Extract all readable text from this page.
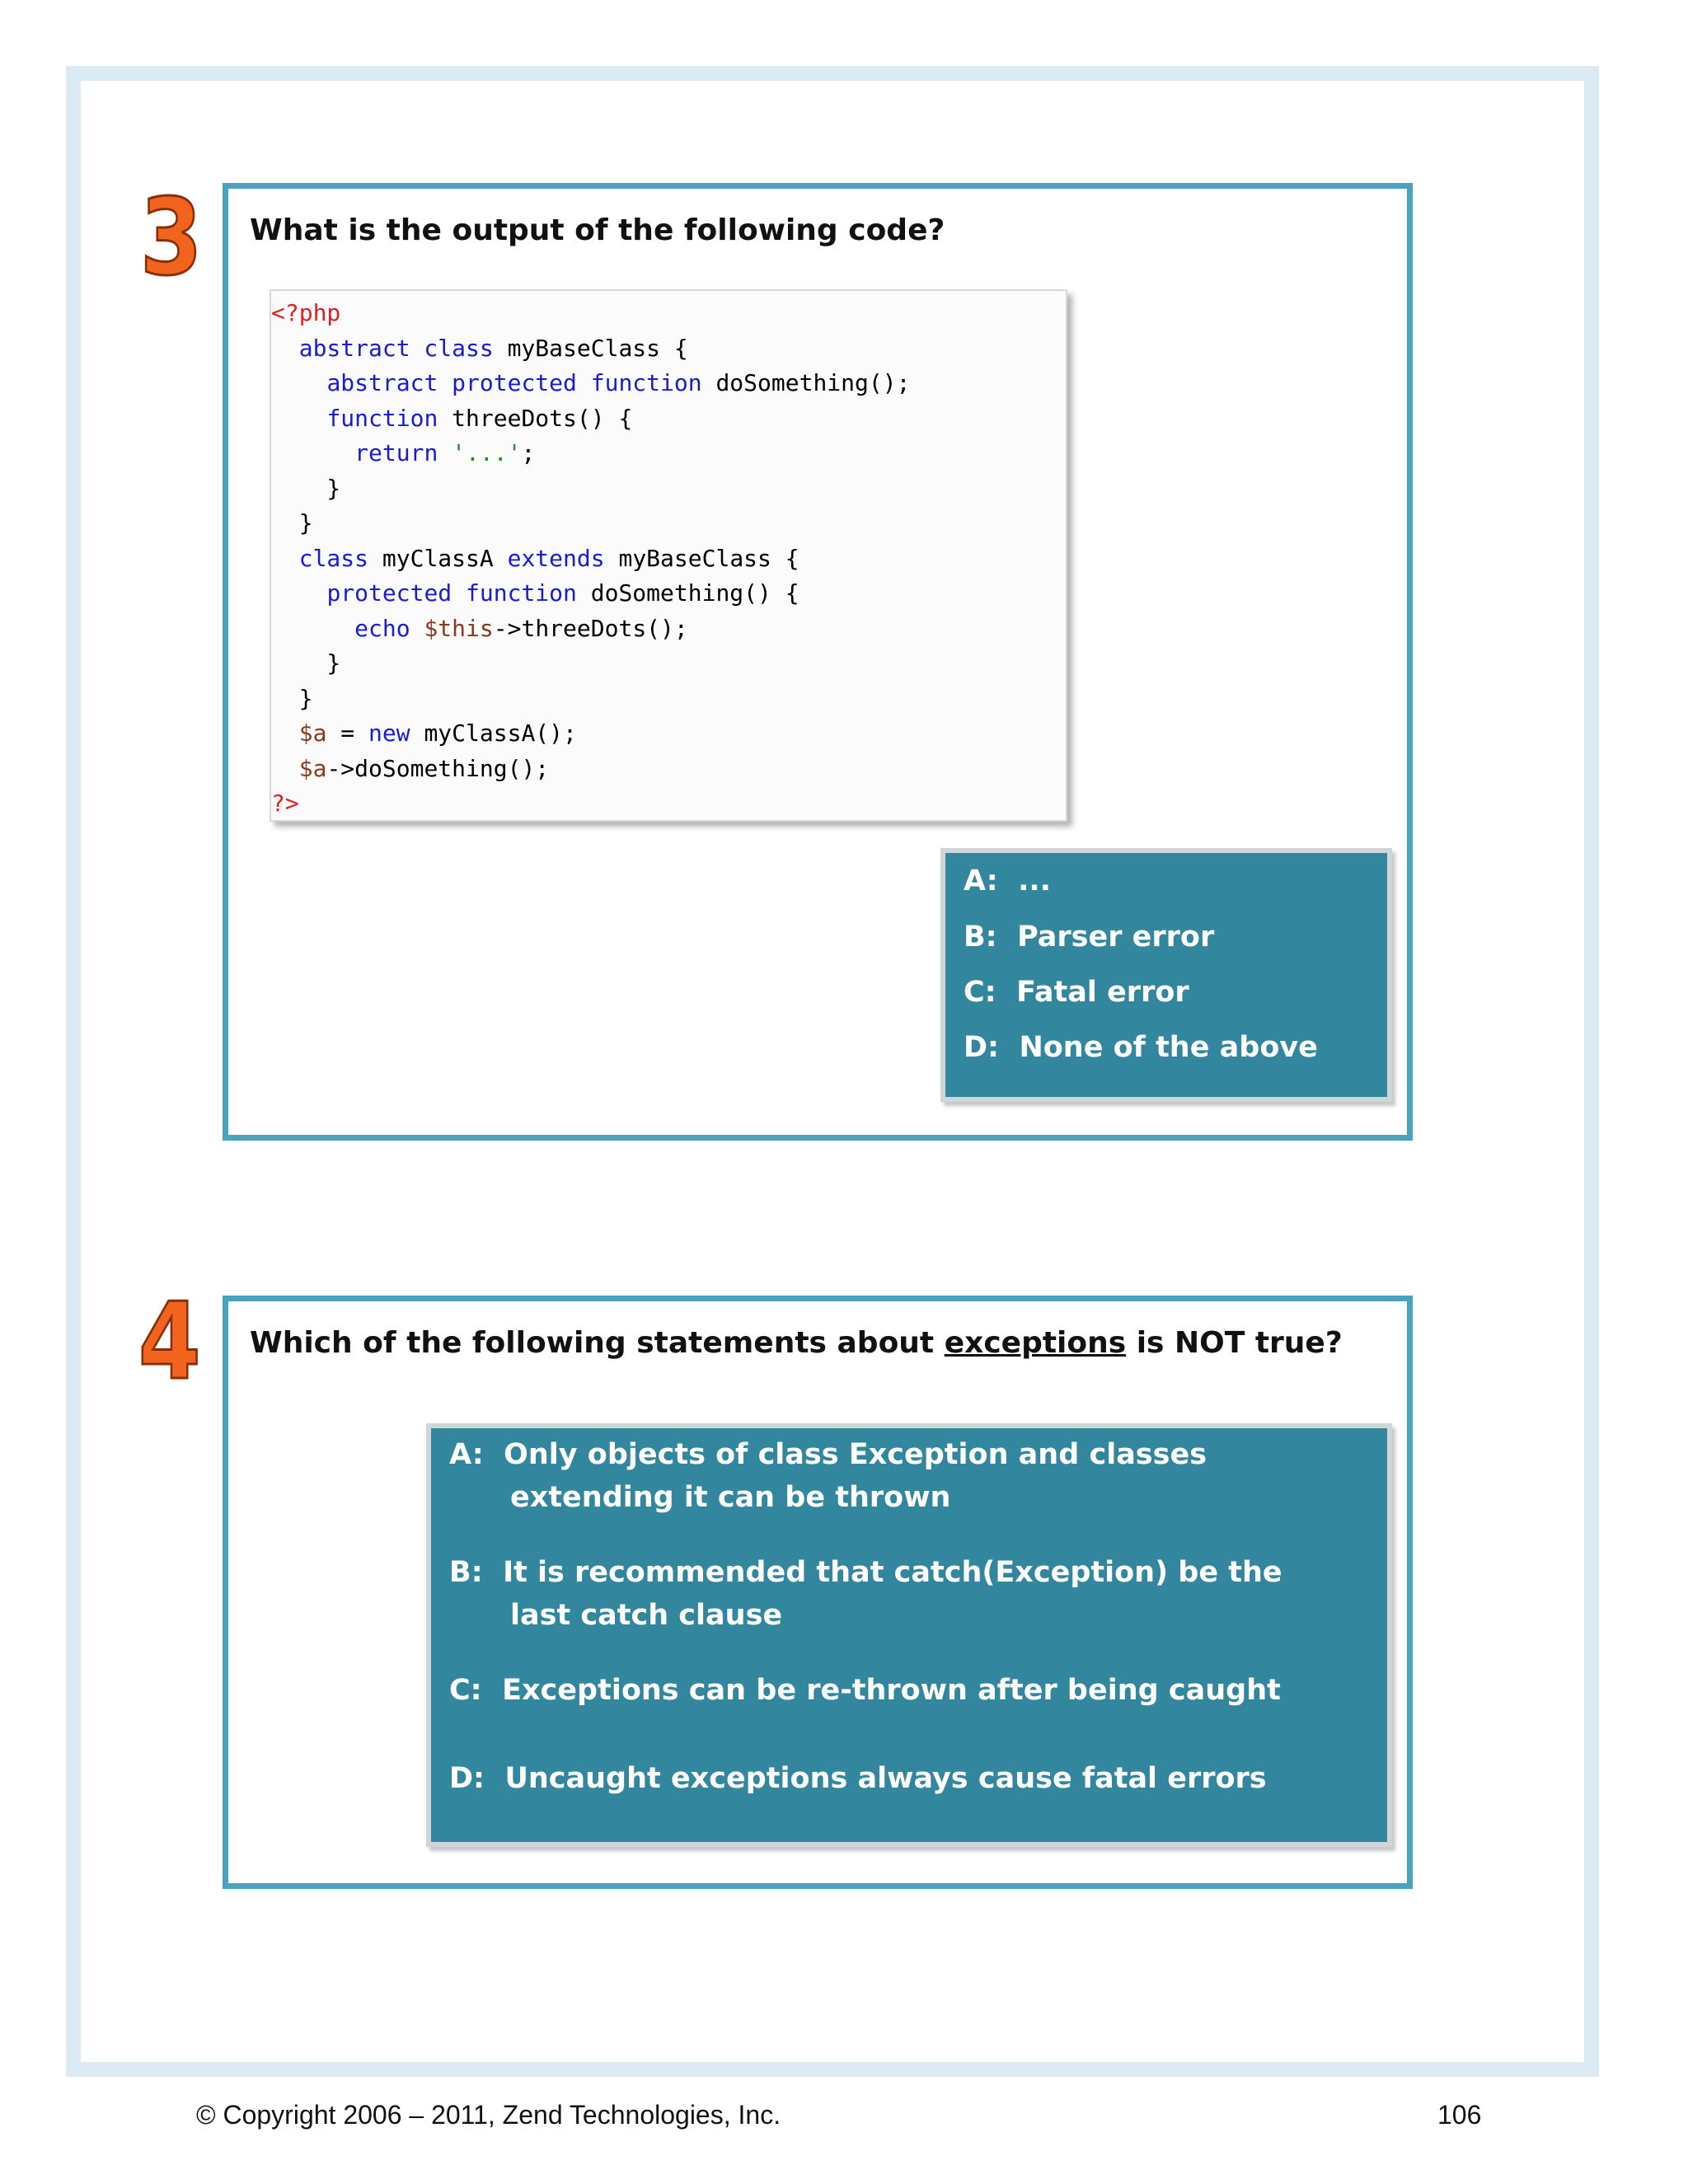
3 What is the output of the following code?

<?php
abstract class myBaseClass {
abstract protected function doSomething();
function threeDots() {
return '...';
}
}
class myClassA extends myBaseClass {
protected function doSomething() {
echo $this->threeDots();
}
}
$a = new myClassA();
$a->doSomething();
?>
A: ...
B: Parser error
C: Fatal error
D: None of the above
4 Which of the following statements about exceptions is NOT true?

A: Only objects of class Exception and classes
extending it can be thrown
B: It is recommended that catch(Exception) be the
last catch clause
C: Exceptions can be re-thrown after being caught
D: Uncaught exceptions always cause fatal errors
© Copyright 2006 – 2011, Zend Technologies, Inc.	106
